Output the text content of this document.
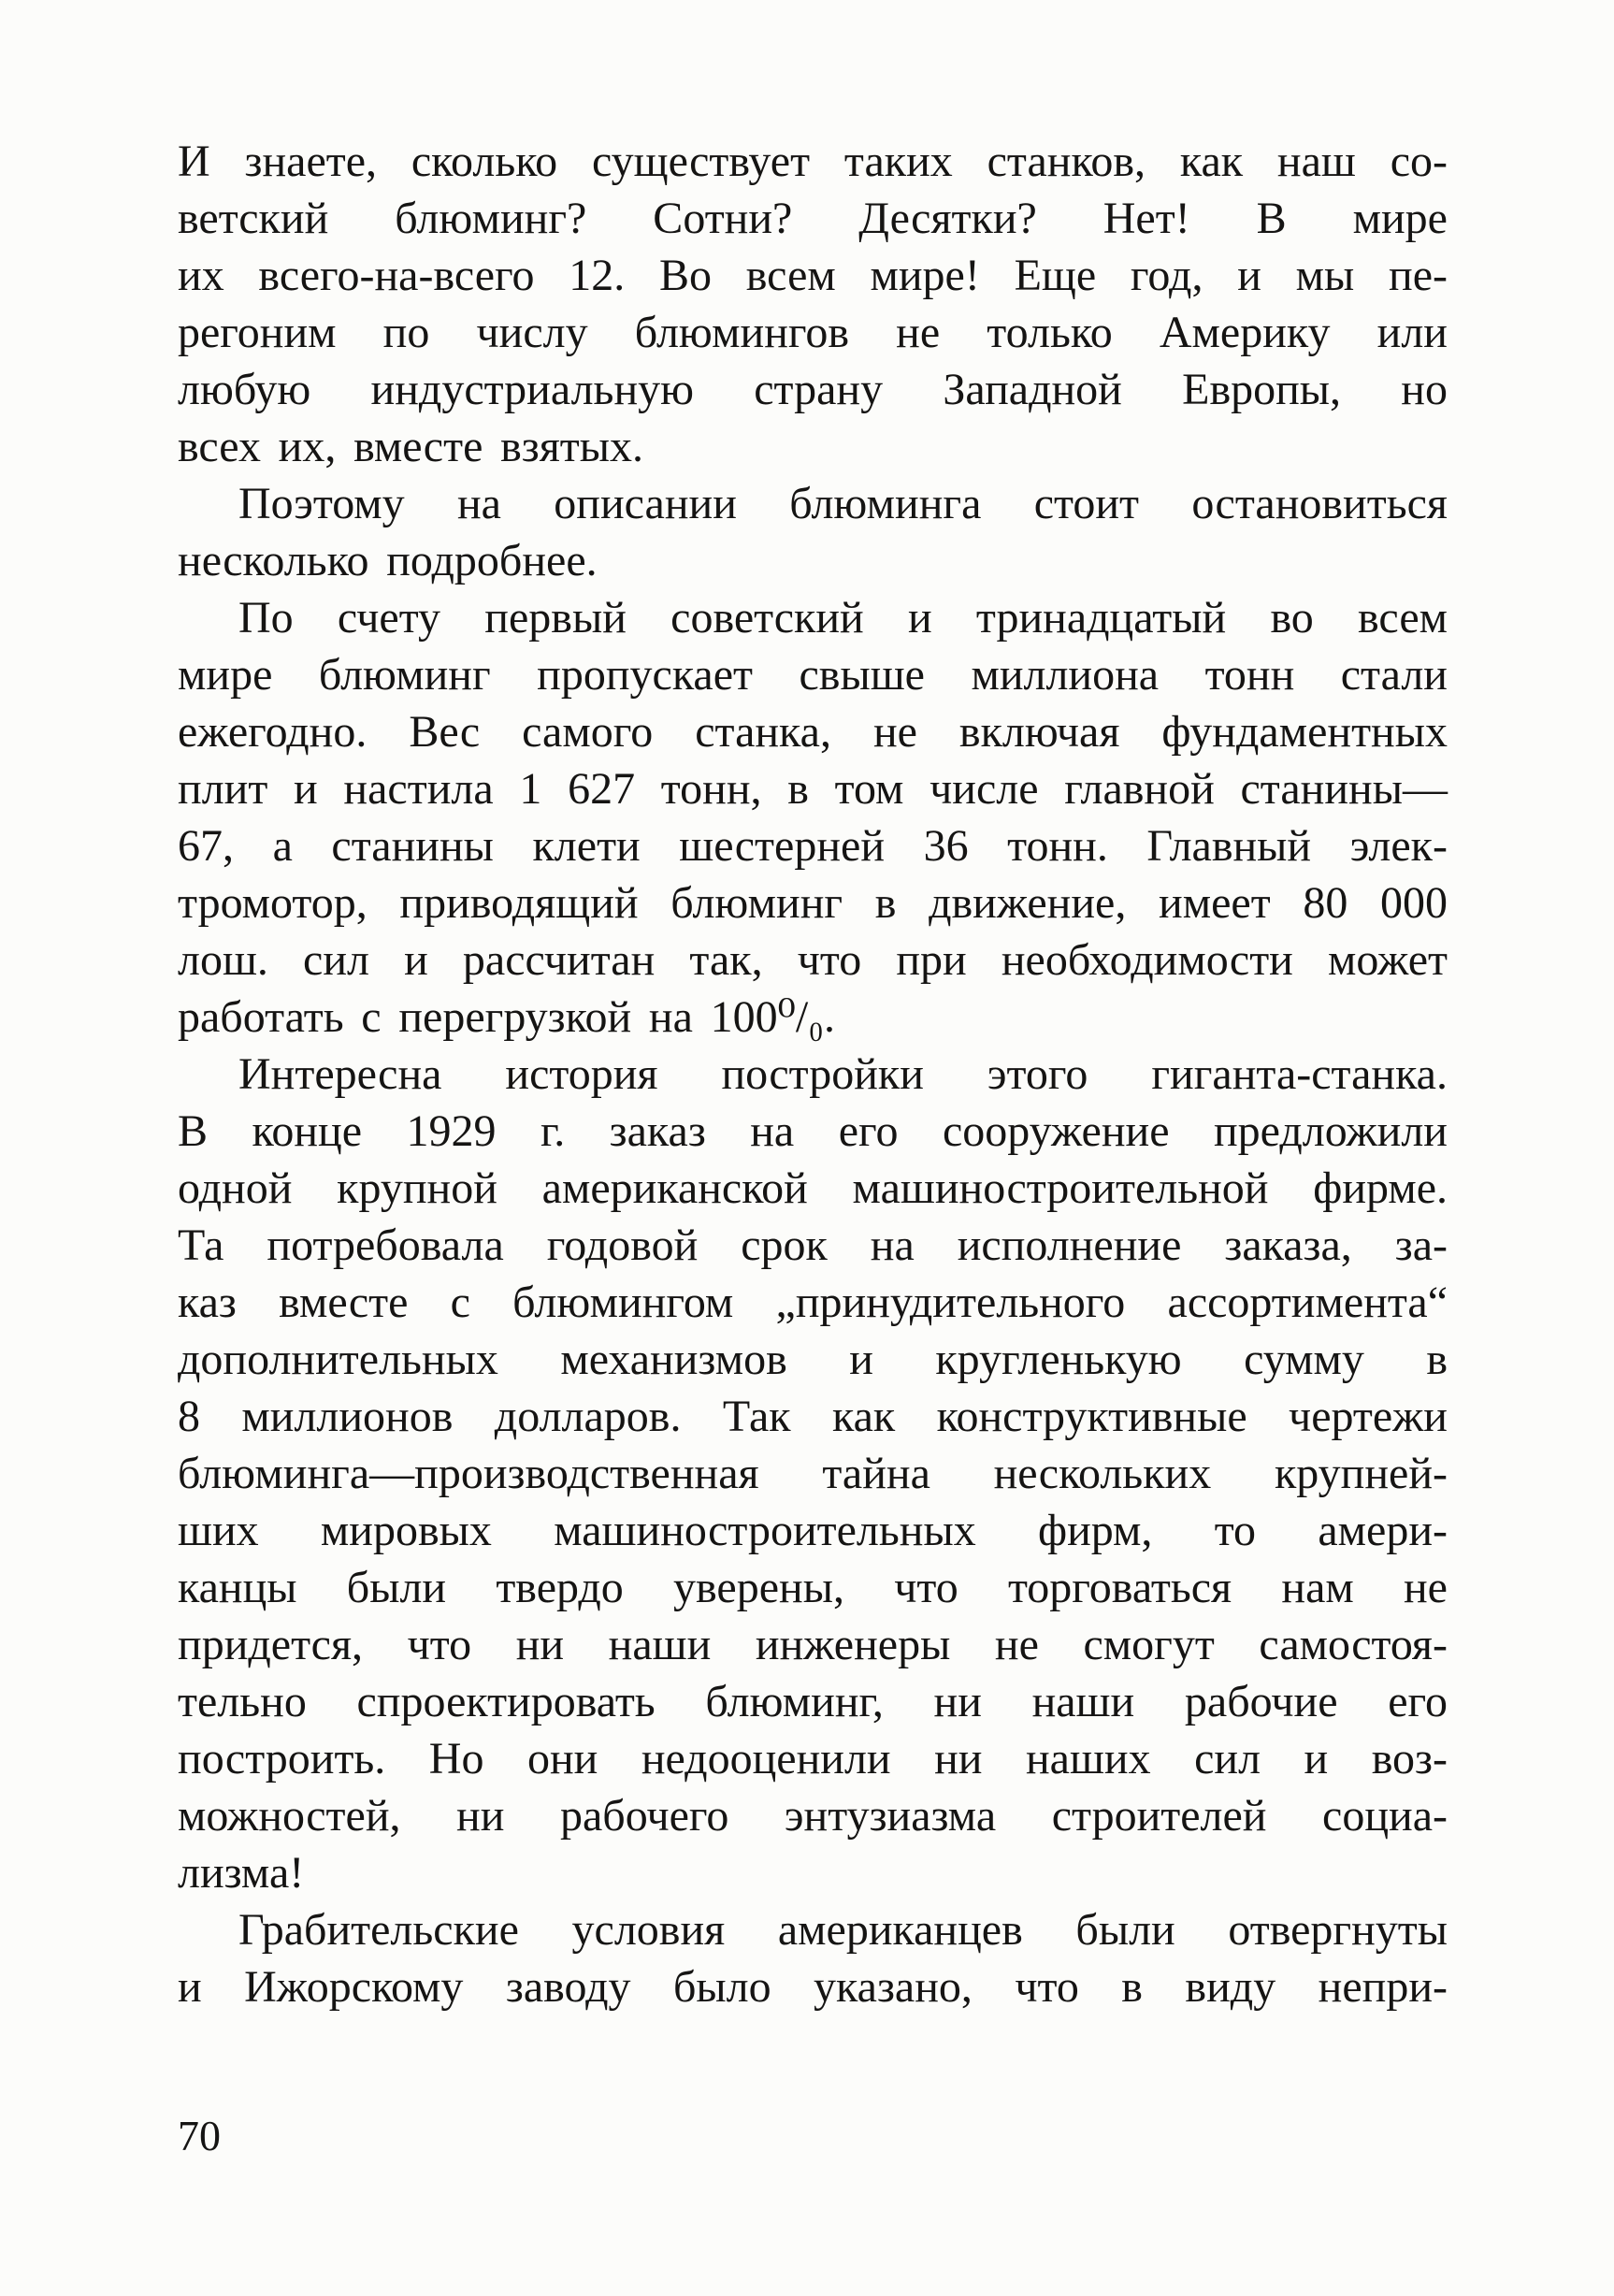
И знаете, сколько существует таких станков, как наш со-
ветский блюминг? Сотни? Десятки? Нет! В мире
их всего-на-всего 12. Во всем мире! Еще год, и мы пе-
регоним по числу блюмингов не только Америку или
любую индустриальную страну Западной Европы, но
всех их, вместе взятых.
Поэтому на описании блюминга стоит остановиться
несколько подробнее.
По счету первый советский и тринадцатый во всем
мире блюминг пропускает свыше миллиона тонн стали
ежегодно. Вес самого станка, не включая фундаментных
плит и настила 1 627 тонн, в том числе главной станины—
67, а станины клети шестерней 36 тонн. Главный элек-
тромотор, приводящий блюминг в движение, имеет 80 000
лош. сил и рассчитан так, что при необходимости может
работать с перегрузкой на 100⁰/₀.
Интересна история постройки этого гиганта-станка.
В конце 1929 г. заказ на его сооружение предложили
одной крупной американской машиностроительной фирме.
Та потребовала годовой срок на исполнение заказа, за-
каз вместе с блюмингом „принудительного ассортимента“
дополнительных механизмов и кругленькую сумму в
8 миллионов долларов. Так как конструктивные чертежи
блюминга—производственная тайна нескольких крупней-
ших мировых машиностроительных фирм, то амери-
канцы были твердо уверены, что торговаться нам не
придется, что ни наши инженеры не смогут самостоя-
тельно спроектировать блюминг, ни наши рабочие его
построить. Но они недооценили ни наших сил и воз-
можностей, ни рабочего энтузиазма строителей социа-
лизма!
Грабительские условия американцев были отвергнуты
и Ижорскому заводу было указано, что в виду непри-
70
